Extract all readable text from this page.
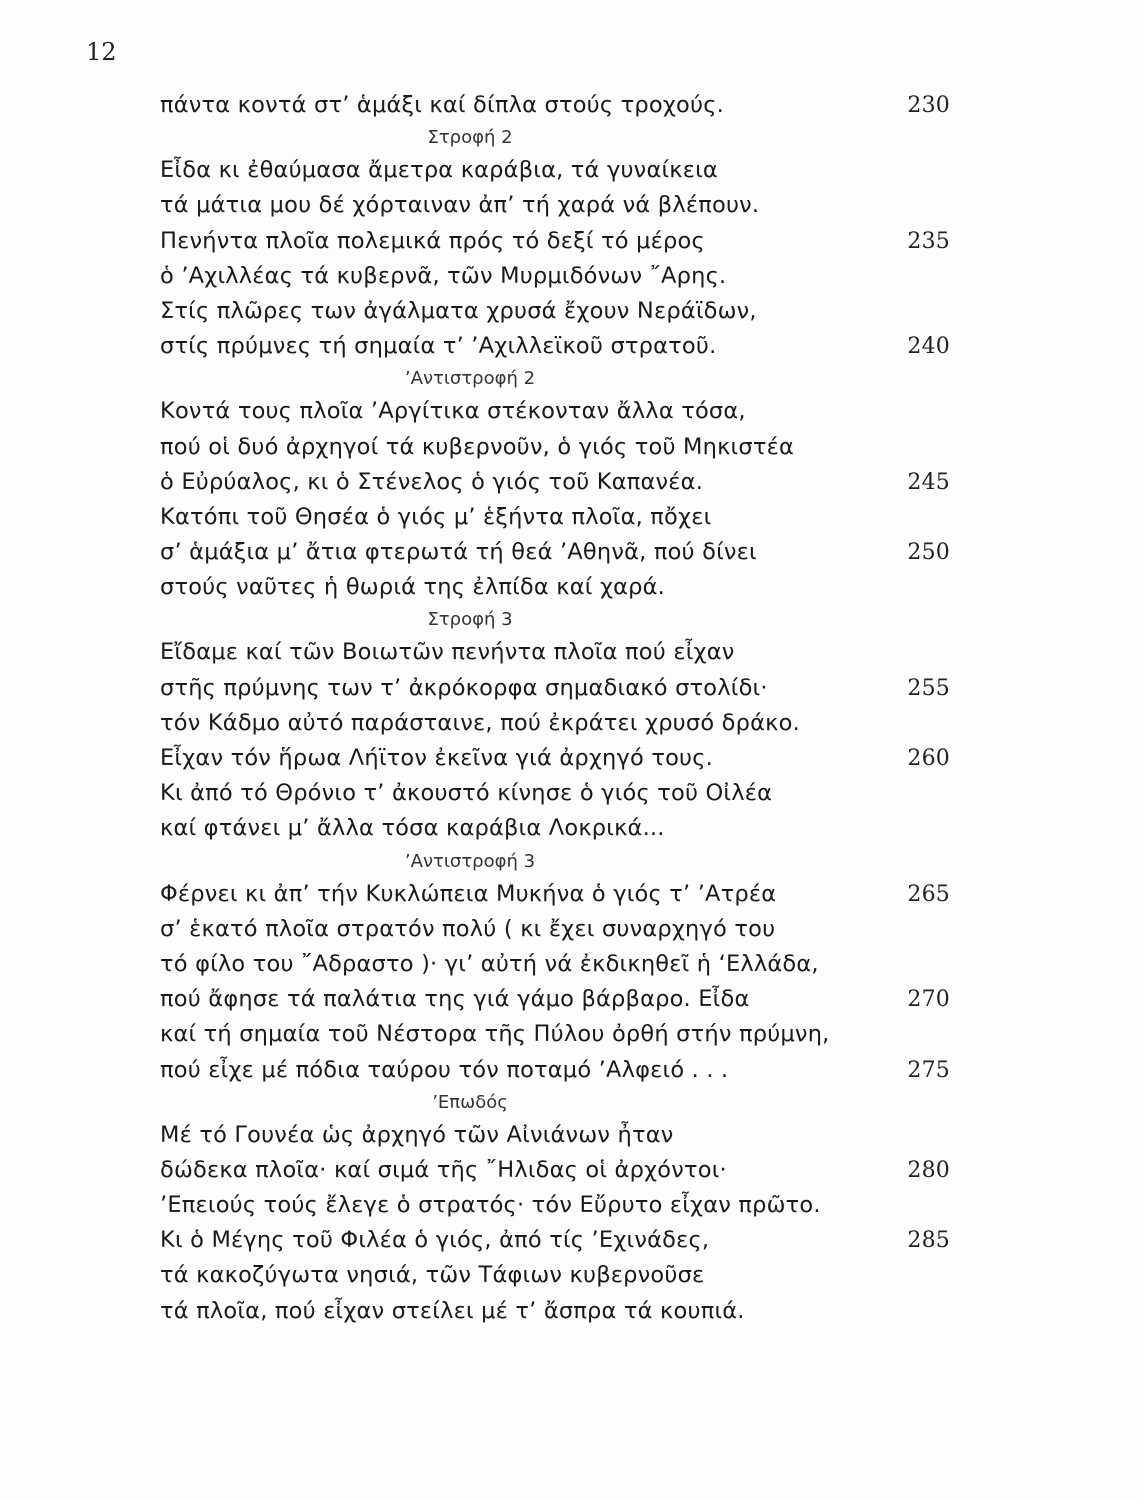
12
πάντα κοντά στ’ ἁμάξι καί δίπλα στούς τροχούς.	230
Στροφή 2
Εἶδα κι ἐθαύμασα ἄμετρα καράβια, τά γυναίκεια
τά μάτια μου δέ χόρταιναν ἀπ’ τή χαρά νά βλέπουν.
Πενήντα πλοῖα πολεμικά πρός τό δεξί τό μέρος	235
ὁ ’Αχιλλέας τά κυβερνᾶ, τῶν Μυρμιδόνων ῎Αρης.
Στίς πλῶρες των ἀγάλματα χρυσά ἔχουν Νεράϊδων,
στίς πρύμνες τή σημαία τ’ ’Αχιλλεϊκοῦ στρατοῦ.	240
’Αντιστροφή 2
Κοντά τους πλοῖα ’Αργίτικα στέκονταν ἄλλα τόσα,
πού οἱ δυό ἀρχηγοί τά κυβερνοῦν, ὁ γιός τοῦ Μηκιστέα
ὁ Εὐρύαλος, κι ὁ Στένελος ὁ γιός τοῦ Καπανέα.	245
Κατόπι τοῦ Θησέα ὁ γιός μ’ ἑξήντα πλοῖα, πὄχει
σ’ ἁμάξια μ’ ἄτια φτερωτά τή θεά ’Αθηνᾶ, πού δίνει	250
στούς ναῦτες ἡ θωριά της ἐλπίδα καί χαρά.
Στροφή 3
Εἴδαμε καί τῶν Βοιωτῶν πενήντα πλοῖα πού εἶχαν
στῆς πρύμνης των τ’ ἀκρόκορφα σημαδιακό στολίδι·	255
τόν Κάδμο αὐτό παράσταινε, πού ἐκράτει χρυσό δράκο.
Εἶχαν τόν ἥρωα Λήϊτον ἐκεῖνα γιά ἀρχηγό τους.	260
Κι ἀπό τό Θρόνιο τ’ ἀκουστό κίνησε ὁ γιός τοῦ Οἰλέα
καί φτάνει μ’ ἄλλα τόσα καράβια Λοκρικά...
’Αντιστροφή 3
Φέρνει κι ἀπ’ τήν Κυκλώπεια Μυκήνα ὁ γιός τ’ ’Ατρέα	265
σ’ ἑκατό πλοῖα στρατόν πολύ ( κι ἔχει συναρχηγό του
τό φίλο του ῎Αδραστο )· γι’ αὐτή νά ἐκδικηθεῖ ἡ ‘Ελλάδα,
πού ἄφησε τά παλάτια της γιά γάμο βάρβαρο. Εἶδα	270
καί τή σημαία τοῦ Νέστορα τῆς Πύλου ὀρθή στήν πρύμνη,
πού εἶχε μέ πόδια ταύρου τόν ποταμό ’Αλφειό . . .	275
’Επωδός
Μέ τό Γουνέα ὡς ἀρχηγό τῶν Αἰνιάνων ἦταν
δώδεκα πλοῖα· καί σιμά τῆς ῎Ηλιδας οἱ ἀρχόντοι·	280
’Επειούς τούς ἔλεγε ὁ στρατός· τόν Εὔρυτο εἶχαν πρῶτο.
Κι ὁ Μέγης τοῦ Φιλέα ὁ γιός, ἀπό τίς ’Εχινάδες,	285
τά κακοζύγωτα νησιά, τῶν Τάφιων κυβερνοῦσε
τά πλοῖα, πού εἶχαν στείλει μέ τ’ ἄσπρα τά κουπιά.
